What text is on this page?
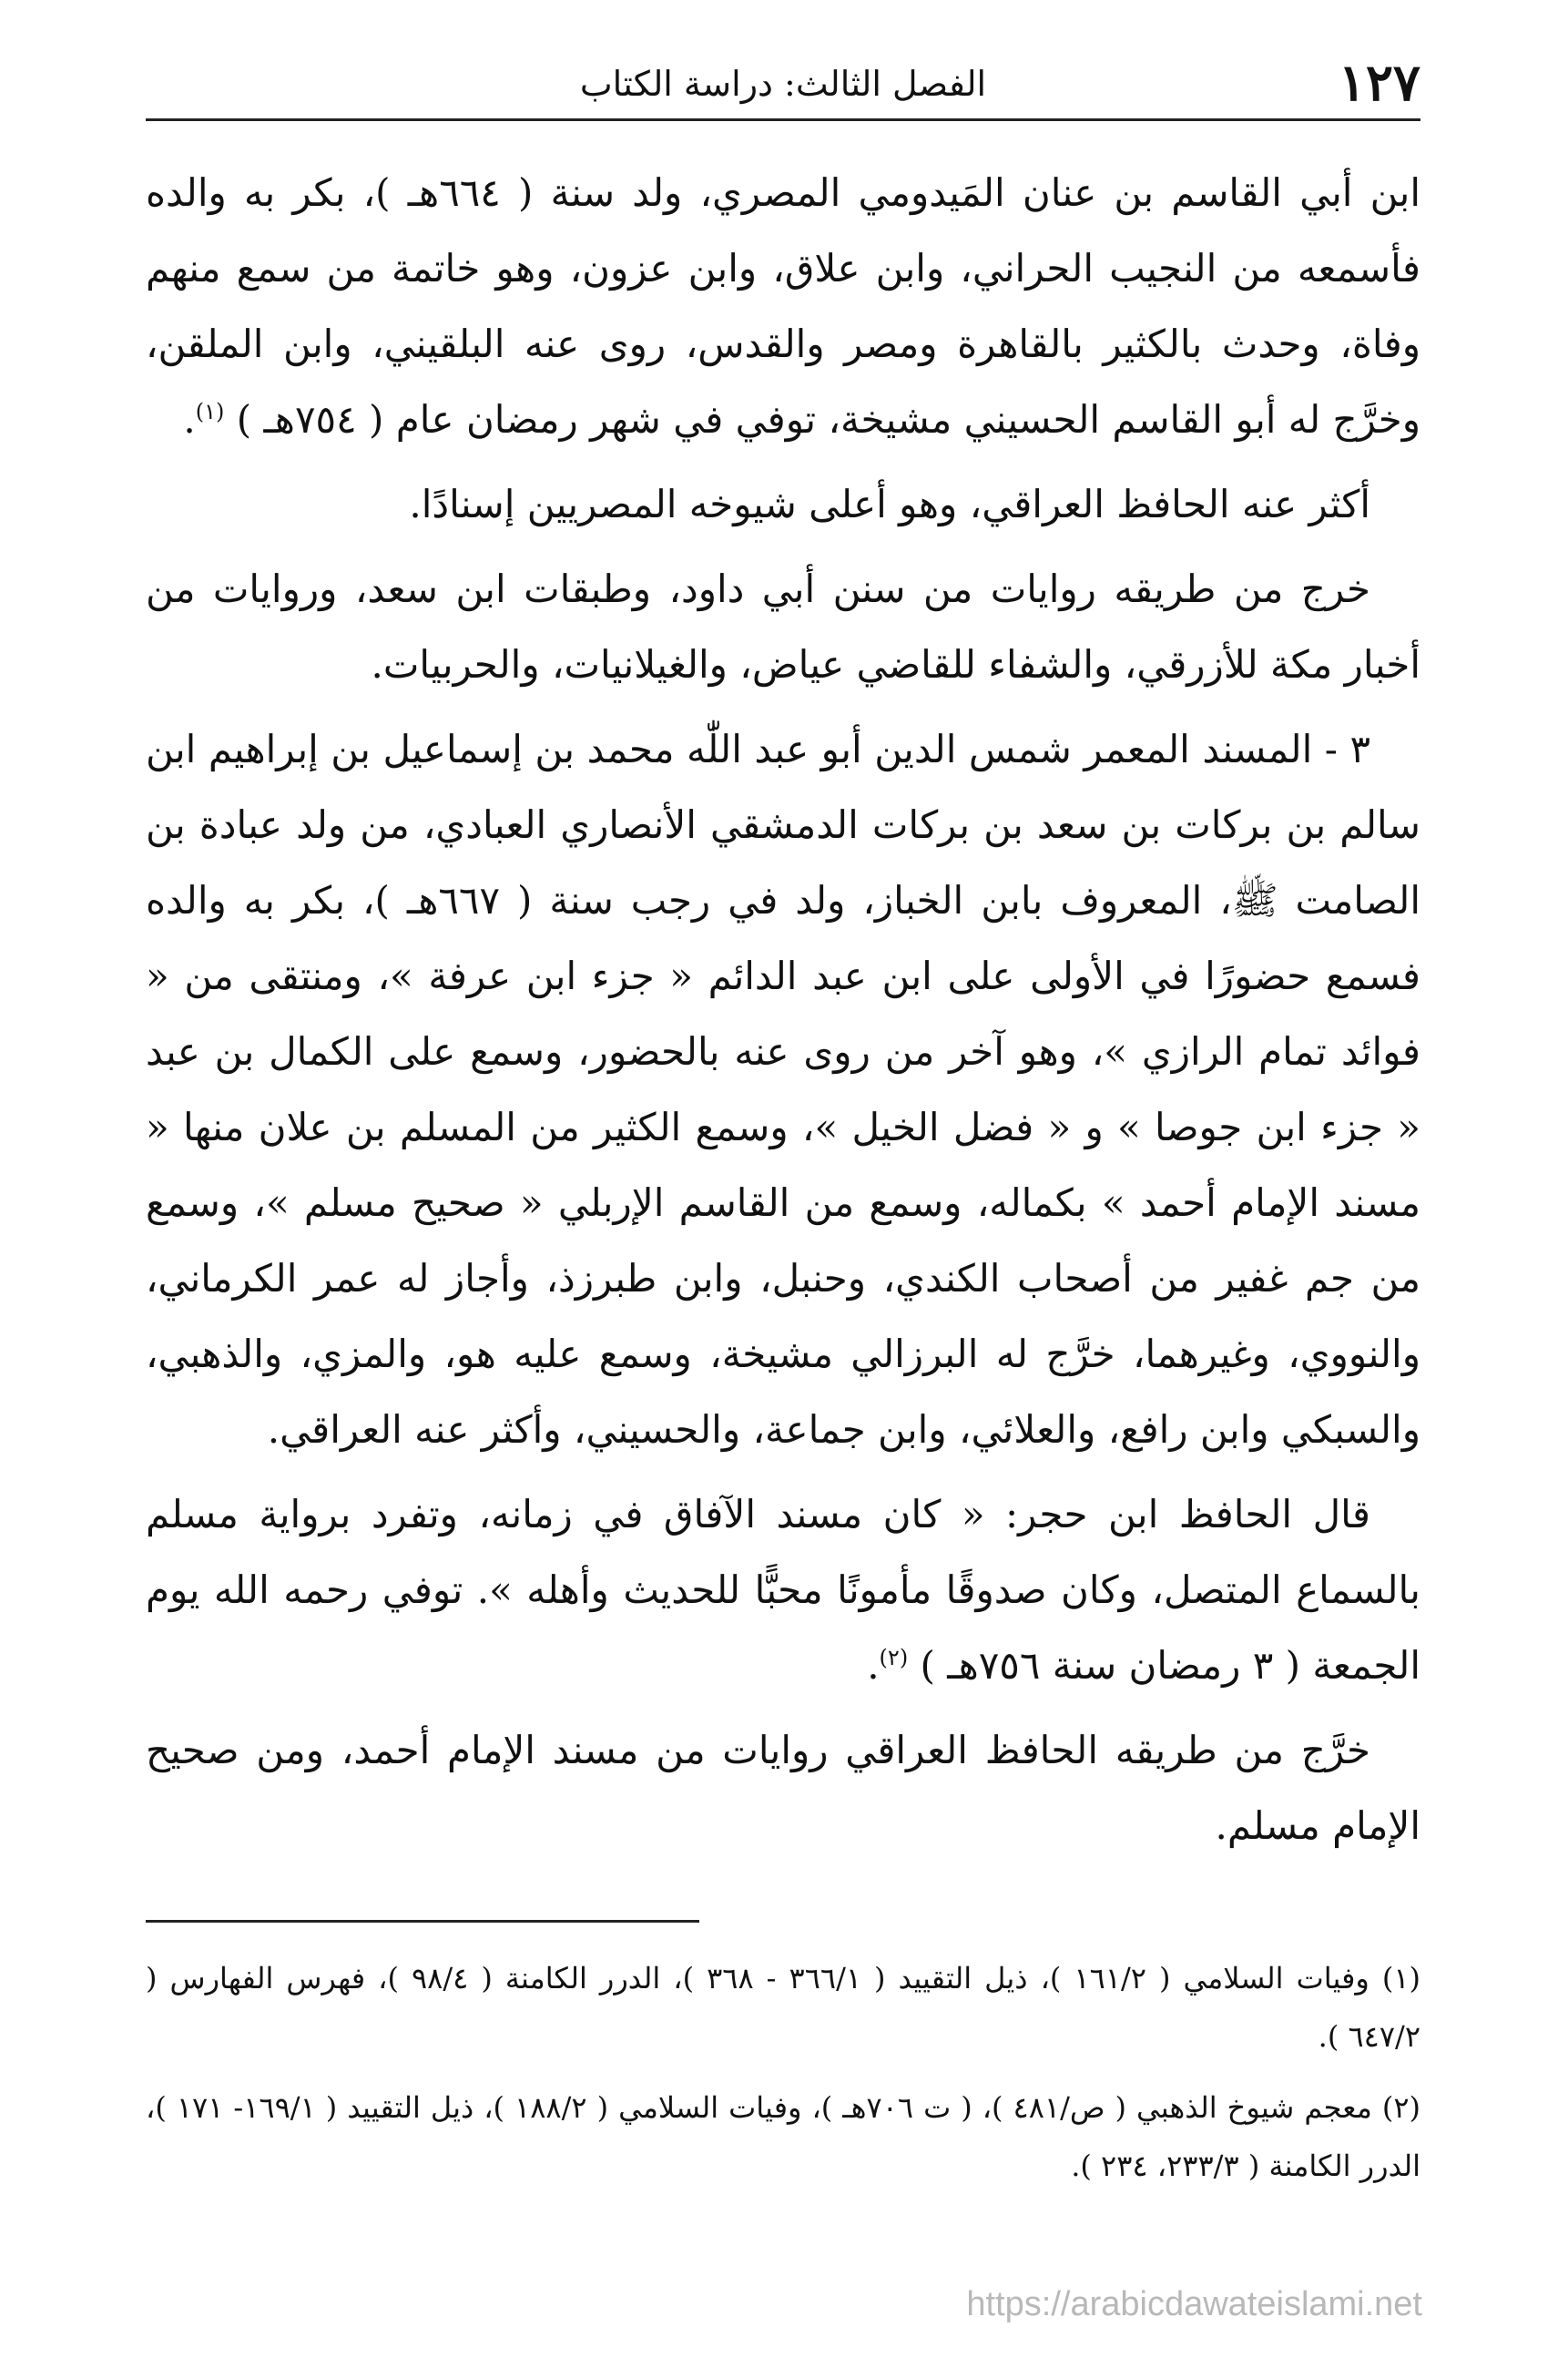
١٢٧
الفصل الثالث: دراسة الكتاب

ابن أبي القاسم بن عنان المَيدومي المصري، ولد سنة ( ٦٦٤هـ )، بكر به والده فأسمعه من النجيب الحراني، وابن علاق، وابن عزون، وهو خاتمة من سمع منهم وفاة، وحدث بالكثير بالقاهرة ومصر والقدس، روى عنه البلقيني، وابن الملقن، وخرَّج له أبو القاسم الحسيني مشيخة، توفي في شهر رمضان عام ( ٧٥٤هـ ) $^{(١)}$.

أكثر عنه الحافظ العراقي، وهو أعلى شيوخه المصريين إسنادًا.

خرج من طريقه روايات من سنن أبي داود، وطبقات ابن سعد، وروايات من أخبار مكة للأزرقي، والشفاء للقاضي عياض، والغيلانيات، والحربيات.

٣ - المسند المعمر شمس الدين أبو عبد اللّٰه محمد بن إسماعيل بن إبراهيم ابن سالم بن بركات بن سعد بن بركات الدمشقي الأنصاري العبادي، من ولد عبادة بن الصامت ﷺ، المعروف بابن الخباز، ولد في رجب سنة ( ٦٦٧هـ )، بكر به والده فسمع حضورًا في الأولى على ابن عبد الدائم « جزء ابن عرفة »، ومنتقى من « فوائد تمام الرازي »، وهو آخر من روى عنه بالحضور، وسمع على الكمال بن عبد « جزء ابن جوصا » و « فضل الخيل »، وسمع الكثير من المسلم بن علان منها « مسند الإمام أحمد » بكماله، وسمع من القاسم الإربلي « صحيح مسلم »، وسمع من جم غفير من أصحاب الكندي، وحنبل، وابن طبرزذ، وأجاز له عمر الكرماني، والنووي، وغيرهما، خرَّج له البرزالي مشيخة، وسمع عليه هو، والمزي، والذهبي، والسبكي وابن رافع، والعلائي، وابن جماعة، والحسيني، وأكثر عنه العراقي.

قال الحافظ ابن حجر: « كان مسند الآفاق في زمانه، وتفرد برواية مسلم بالسماع المتصل، وكان صدوقًا مأمونًا محبًّا للحديث وأهله ». توفي رحمه الله يوم الجمعة ( ٣ رمضان سنة ٧٥٦هـ ) $^{(٢)}$.

خرَّج من طريقه الحافظ العراقي روايات من مسند الإمام أحمد، ومن صحيح الإمام مسلم.

(١) وفيات السلامي ( ١٦١/٢ )، ذيل التقييد ( ٣٦٦/١ - ٣٦٨ )، الدرر الكامنة ( ٩٨/٤ )، فهرس الفهارس ( ٦٤٧/٢ ).

(٢) معجم شيوخ الذهبي ( ص/٤٨١ )، ( ت ٧٠٦هـ )، وفيات السلامي ( ١٨٨/٢ )، ذيل التقييد ( ١٦٩/١- ١٧١ )، الدرر الكامنة ( ٢٣٣/٣، ٢٣٤ ).

https://arabicdawateislami.net
